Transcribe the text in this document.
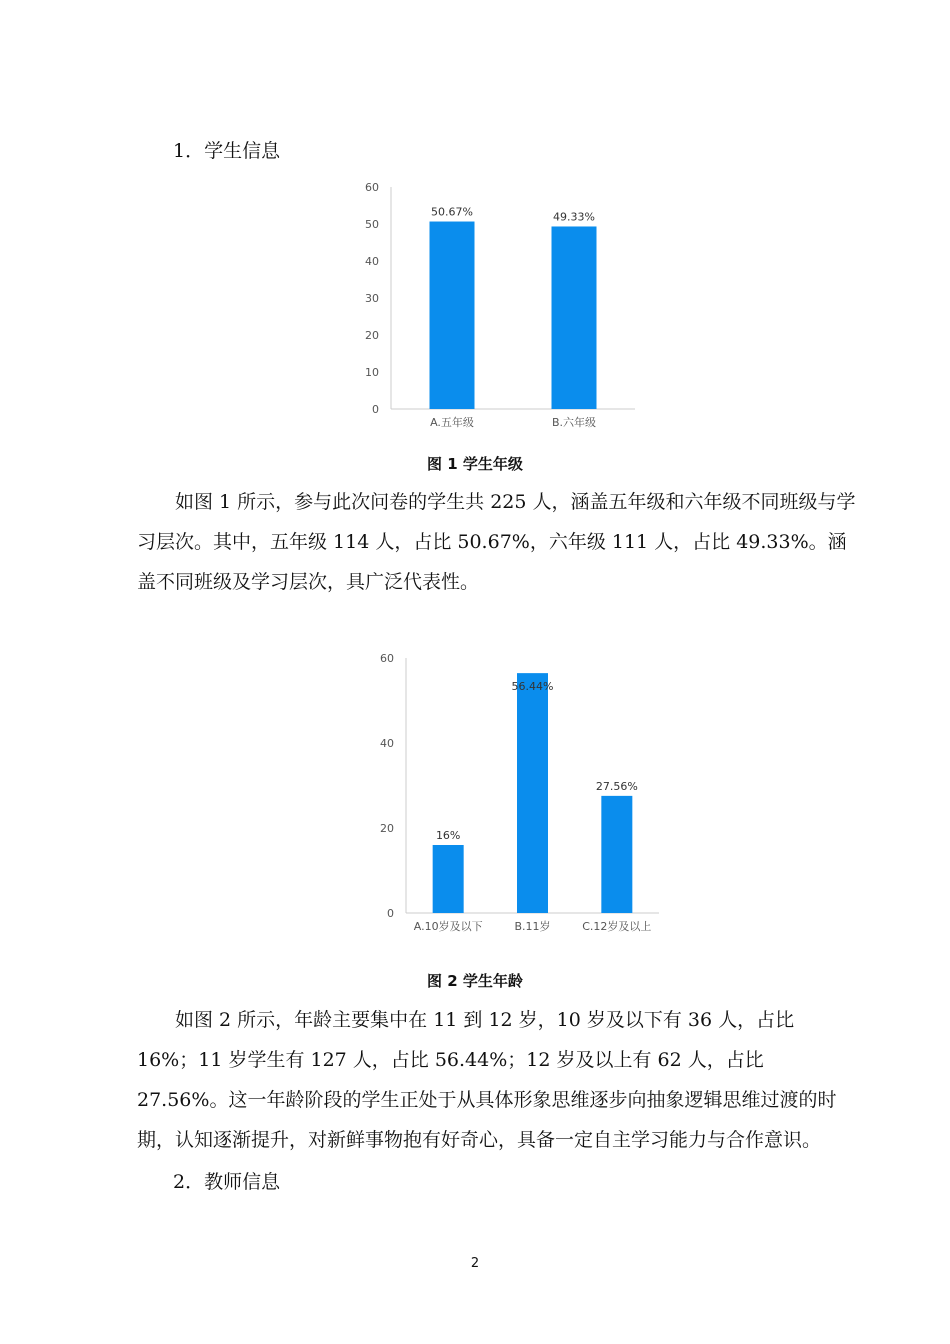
1．学生信息
0
10
20
30
40
50
60
50.67%
A.五年级
49.33%
B.六年级
图 1 学生年级

如图 1 所示，参与此次问卷的学生共 225 人，涵盖五年级和六年级不同班级与学习层次。其中，五年级 114 人，占比 50.67%，六年级 111 人，占比 49.33%。涵盖不同班级及学习层次，具广泛代表性。

0
20
40
60
16%
A.10岁及以下
56.44%
B.11岁
27.56%
C.12岁及以上
图 2 学生年龄

如图 2 所示，年龄主要集中在 11 到 12 岁，10 岁及以下有 36 人，占比 16%；11 岁学生有 127 人，占比 56.44%；12 岁及以上有 62 人，占比 27.56%。这一年龄阶段的学生正处于从具体形象思维逐步向抽象逻辑思维过渡的时期，认知逐渐提升，对新鲜事物抱有好奇心，具备一定自主学习能力与合作意识。

2．教师信息
2
